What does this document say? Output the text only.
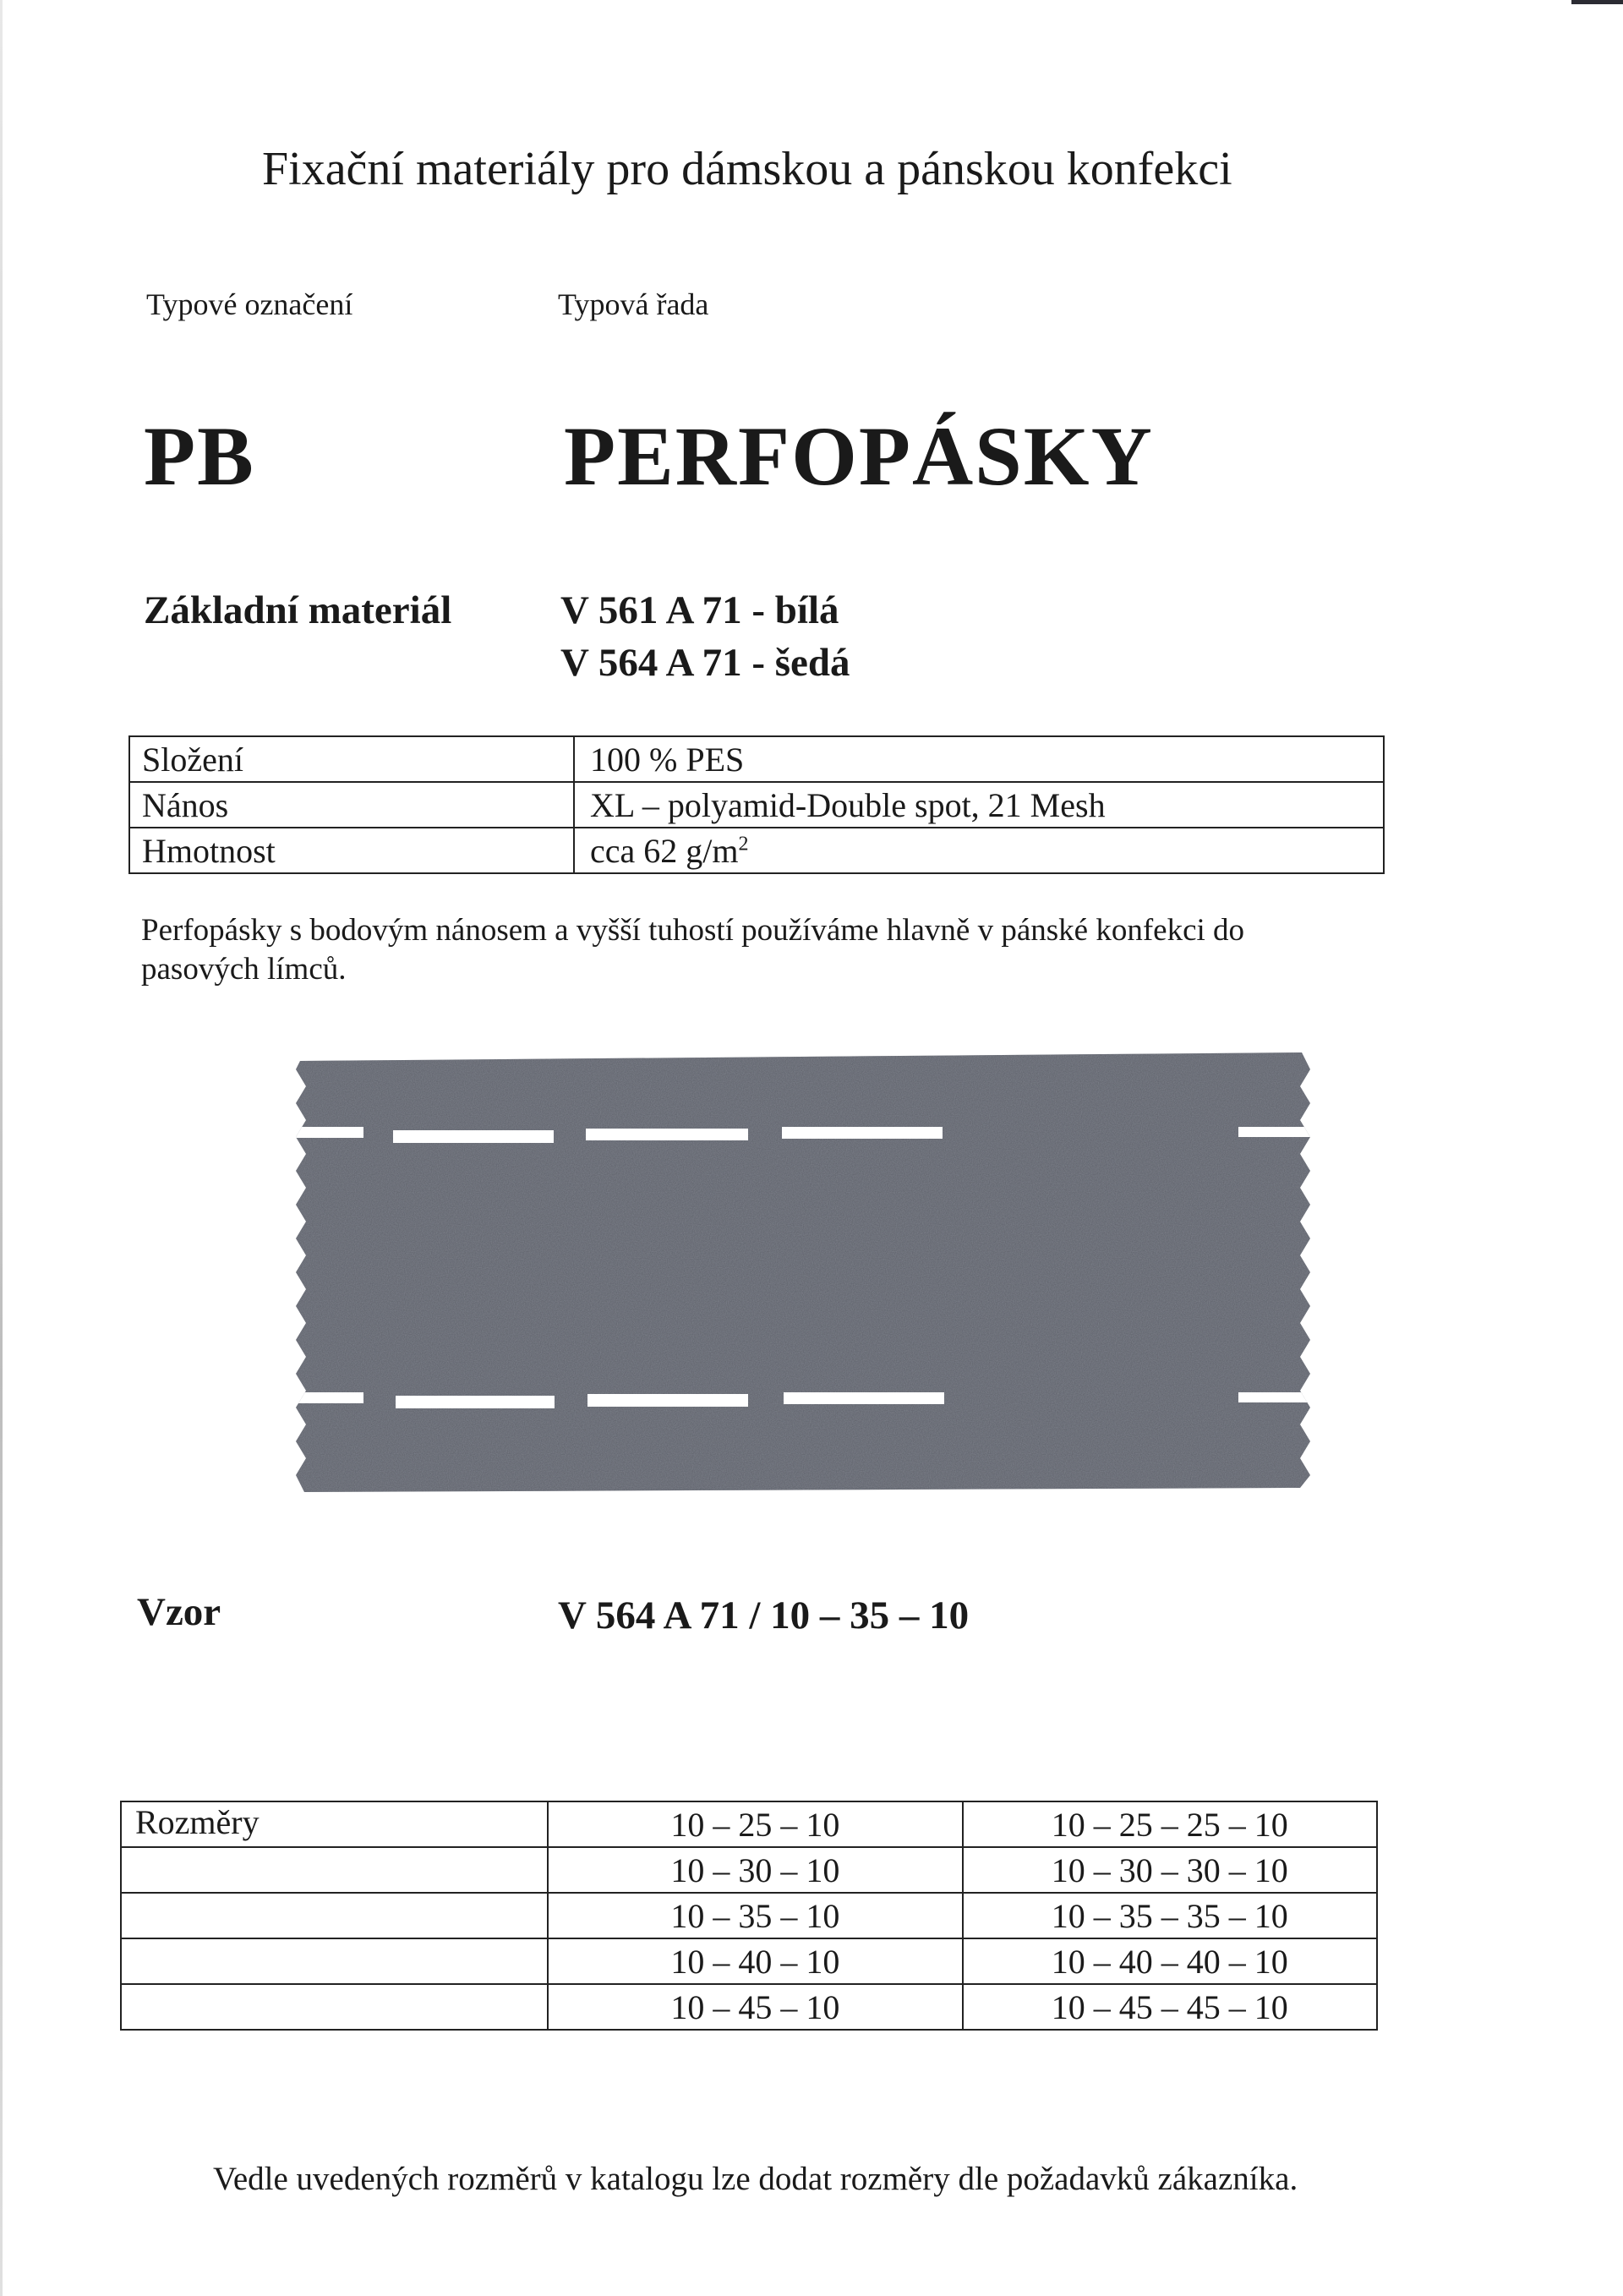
Fixační materiály pro dámskou a pánskou konfekci
Typové označení	Typová řada
PB	PERFOPÁSKY
Základní materiál	V 561 A 71 - bílá
V 564 A 71 - šedá
Složení	100 % PES
Nános	XL – polyamid-Double spot, 21 Mesh
Hmotnost	cca 62 $g/m^2$
Perfopásky s bodovým nánosem a vyšší tuhostí používáme hlavně v pánské konfekci do pasových límců.
Vzor	V 564 A 71 / 10 – 35 – 10
Rozměry	10 – 25 – 10	10 – 25 – 25 – 10
	10 – 30 – 10	10 – 30 – 30 – 10
	10 – 35 – 10	10 – 35 – 35 – 10
	10 – 40 – 10	10 – 40 – 40 – 10
	10 – 45 – 10	10 – 45 – 45 – 10
Vedle uvedených rozměrů v katalogu lze dodat rozměry dle požadavků zákazníka.
